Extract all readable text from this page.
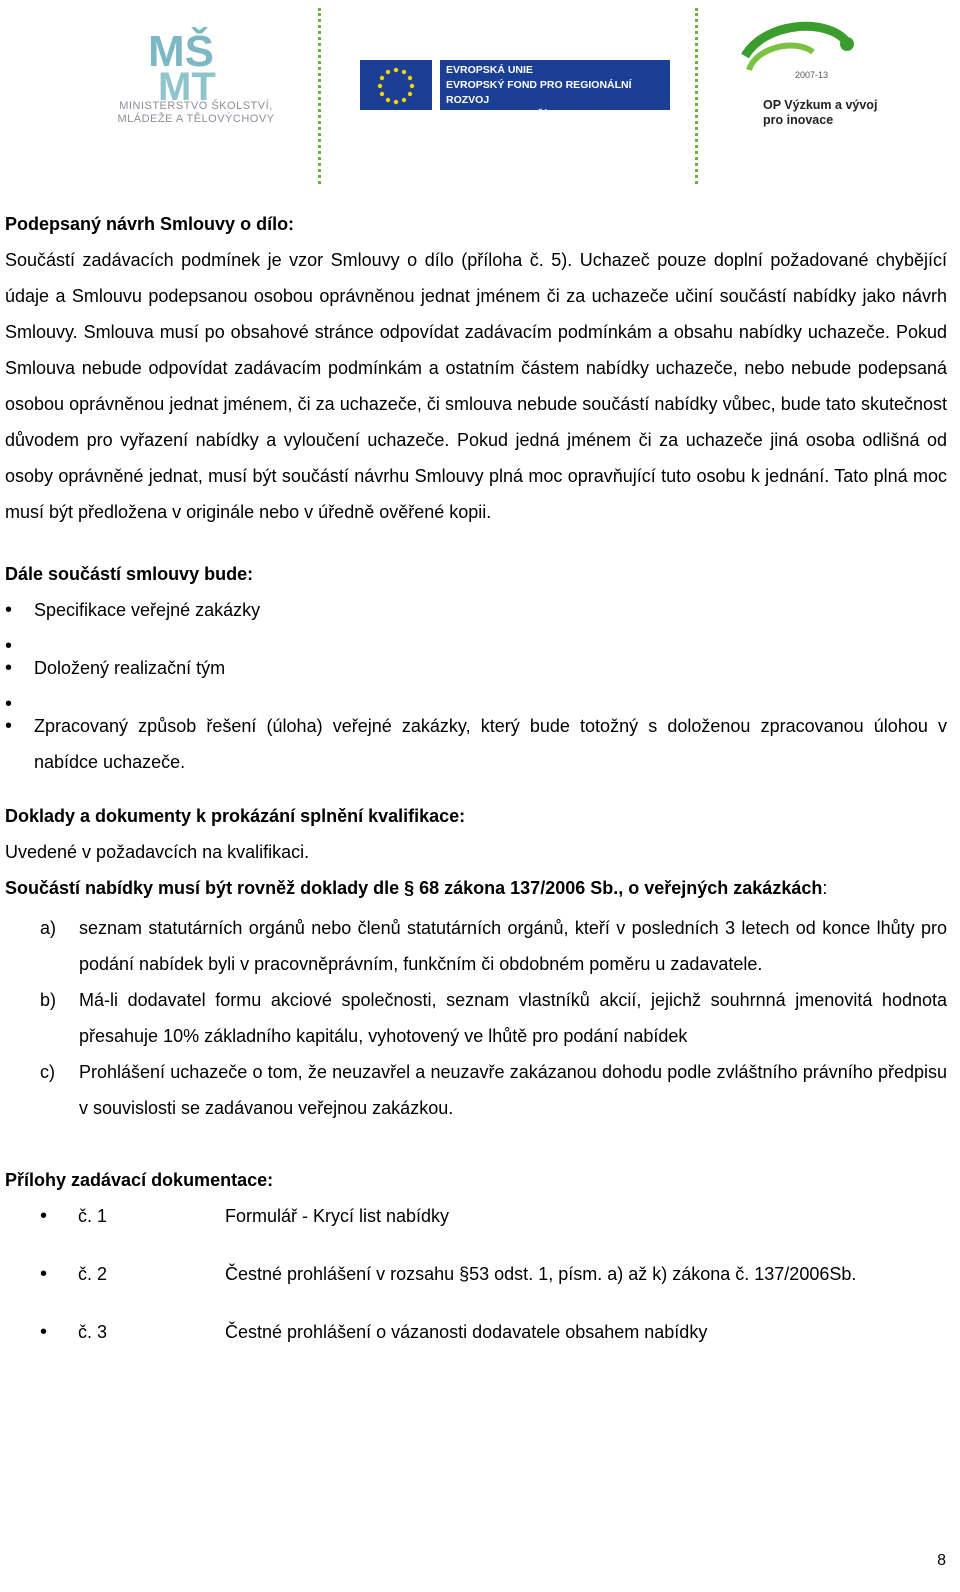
MŠ
MT
MINISTERSTVO ŠKOLSTVÍ, MLÁDEŽE A TĚLOVÝCHOVY
EVROPSKÁ UNIE
EVROPSKÝ FOND PRO REGIONÁLNÍ ROZVOJ
INVESTICE DO VAŠÍ BUDOUCNOSTI
2007-13
OP Výzkum a vývoj
pro inovace
Podepsaný návrh Smlouvy o dílo:
Součástí zadávacích podmínek je vzor Smlouvy o dílo (příloha č. 5). Uchazeč pouze doplní požadované chybějící údaje a Smlouvu podepsanou osobou oprávněnou jednat jménem či za uchazeče učiní součástí nabídky jako návrh Smlouvy. Smlouva musí po obsahové stránce odpovídat zadávacím podmínkám a obsahu nabídky uchazeče. Pokud Smlouva nebude odpovídat zadávacím podmínkám a ostatním částem nabídky uchazeče, nebo nebude podepsaná osobou oprávněnou jednat jménem, či za uchazeče, či smlouva nebude součástí nabídky vůbec, bude tato skutečnost důvodem pro vyřazení nabídky a vyloučení uchazeče. Pokud jedná jménem či za uchazeče jiná osoba odlišná od osoby oprávněné jednat, musí být součástí návrhu Smlouvy plná moc opravňující tuto osobu k jednání. Tato plná moc musí být předložena v originále nebo v úředně ověřené kopii.
Dále součástí smlouvy bude:
• Specifikace veřejné zakázky
•
• Doložený realizační tým
•
• Zpracovaný způsob řešení (úloha) veřejné zakázky, který bude totožný s doloženou zpracovanou úlohou v nabídce uchazeče.
Doklady a dokumenty k prokázání splnění kvalifikace:
Uvedené v požadavcích na kvalifikaci.
Součástí nabídky musí být rovněž doklady dle § 68 zákona 137/2006 Sb., o veřejných zakázkách:
a) seznam statutárních orgánů nebo členů statutárních orgánů, kteří v posledních 3 letech od konce lhůty pro podání nabídek byli v pracovněprávním, funkčním či obdobném poměru u zadavatele.
b) Má-li dodavatel formu akciové společnosti, seznam vlastníků akcií, jejichž souhrnná jmenovitá hodnota přesahuje 10% základního kapitálu, vyhotovený ve lhůtě pro podání nabídek
c) Prohlášení uchazeče o tom, že neuzavřel a neuzavře zakázanou dohodu podle zvláštního právního předpisu v souvislosti se zadávanou veřejnou zakázkou.
Přílohy zadávací dokumentace:
• č. 1	Formulář - Krycí list nabídky
• č. 2	Čestné prohlášení v rozsahu §53 odst. 1, písm. a) až k) zákona č. 137/2006Sb.
• č. 3	Čestné prohlášení o vázanosti dodavatele obsahem nabídky
8
